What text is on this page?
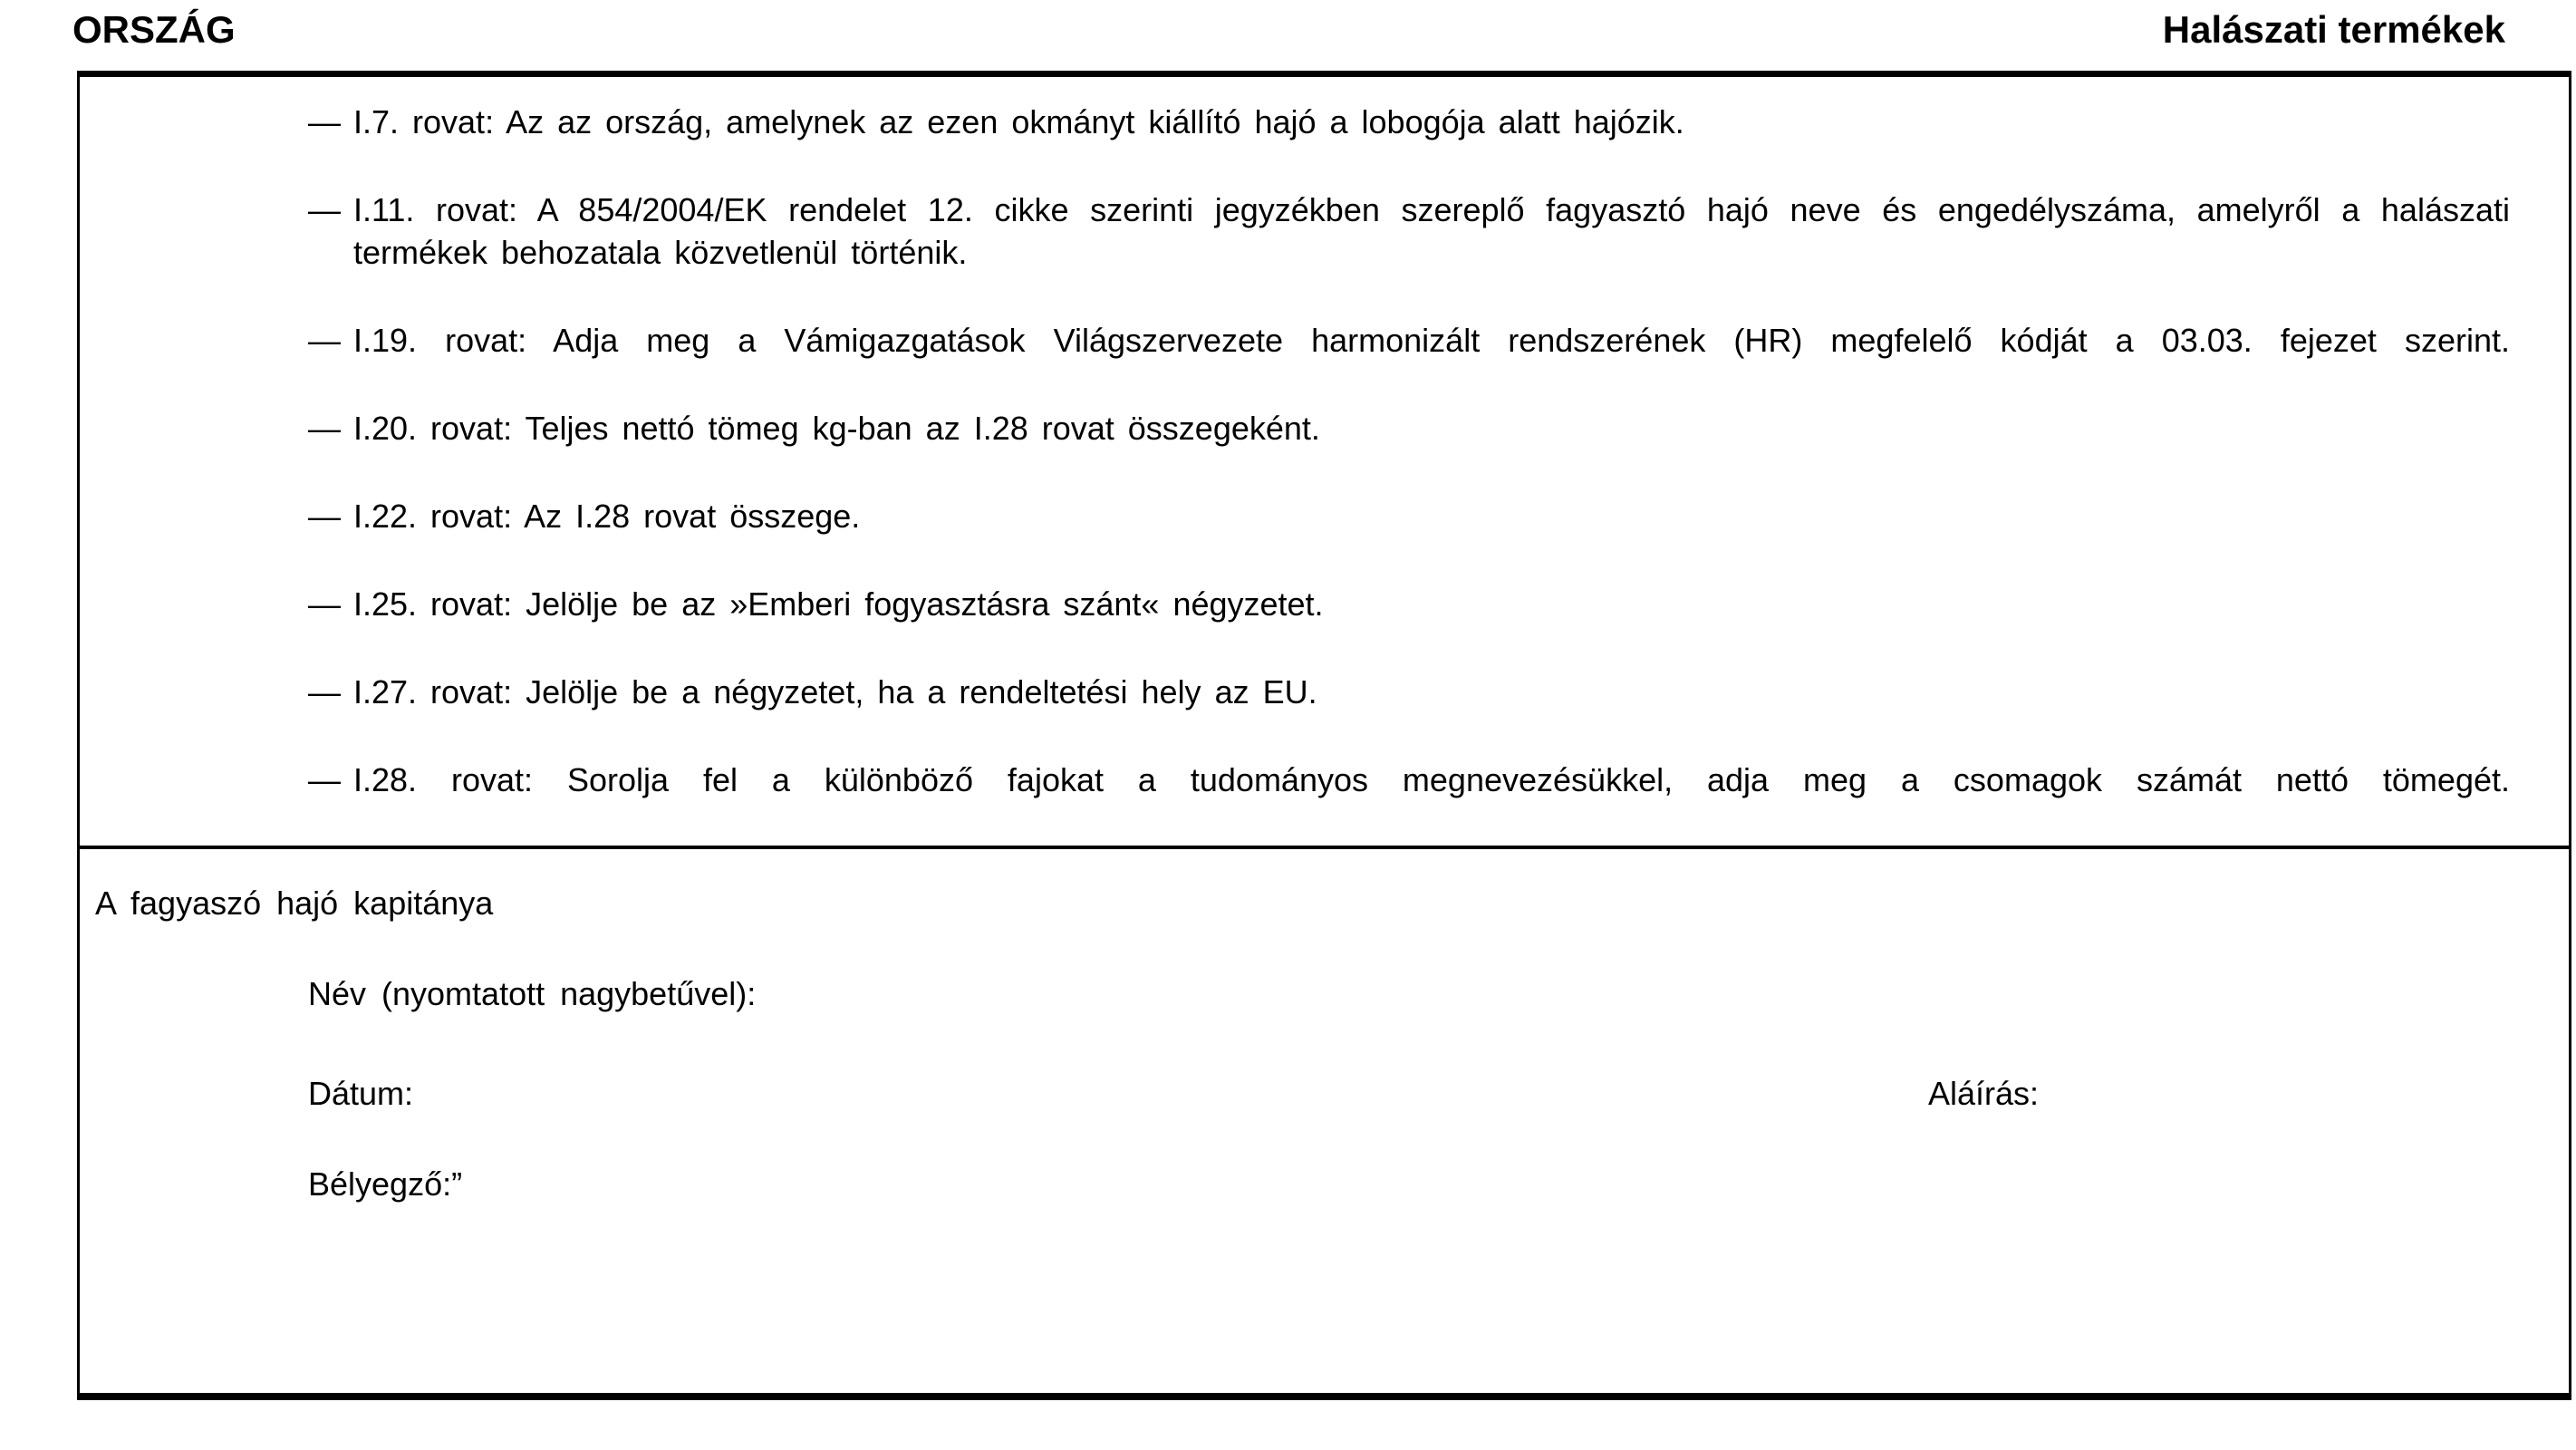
ORSZÁG	Halászati termékek
— I.7. rovat: Az az ország, amelynek az ezen okmányt kiállító hajó a lobogója alatt hajózik.
— I.11. rovat: A 854/2004/EK rendelet 12. cikke szerinti jegyzékben szereplő fagyasztó hajó neve és engedélyszáma, amelyről a halászati termékek behozatala közvetlenül történik.
— I.19. rovat: Adja meg a Vámigazgatások Világszervezete harmonizált rendszerének (HR) megfelelő kódját a 03.03. fejezet szerint.
— I.20. rovat: Teljes nettó tömeg kg-ban az I.28 rovat összegeként.
— I.22. rovat: Az I.28 rovat összege.
— I.25. rovat: Jelölje be az »Emberi fogyasztásra szánt« négyzetet.
— I.27. rovat: Jelölje be a négyzetet, ha a rendeltetési hely az EU.
— I.28. rovat: Sorolja fel a különböző fajokat a tudományos megnevezésükkel, adja meg a csomagok számát nettó tömegét.
A fagyaszó hajó kapitánya
Név (nyomtatott nagybetűvel):
Dátum:	Aláírás:
Bélyegző:”
